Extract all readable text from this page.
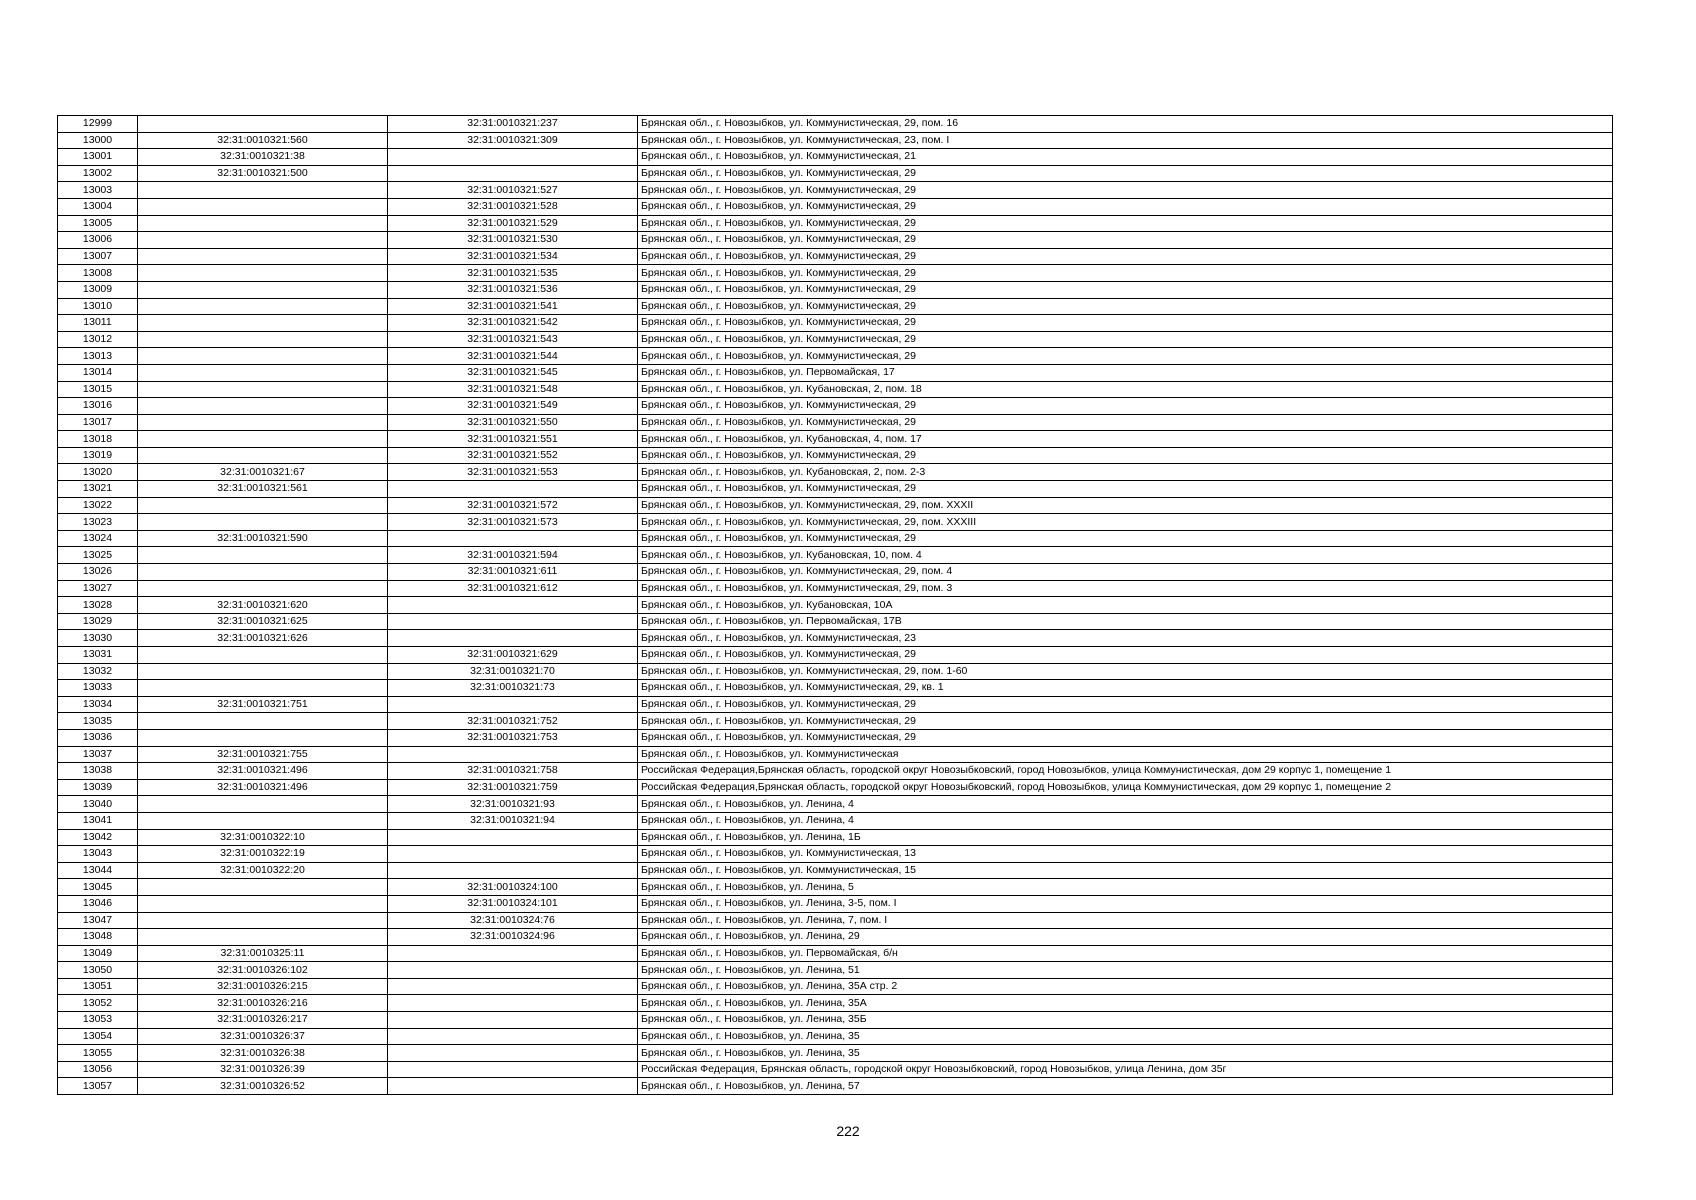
12999		32:31:0010321:237	Брянская обл., г. Новозыбков, ул. Коммунистическая, 29, пом. 16
13000	32:31:0010321:560	32:31:0010321:309	Брянская обл., г. Новозыбков, ул. Коммунистическая, 23, пом. I
13001	32:31:0010321:38		Брянская обл., г. Новозыбков, ул. Коммунистическая, 21
13002	32:31:0010321:500		Брянская обл., г. Новозыбков, ул. Коммунистическая, 29
13003		32:31:0010321:527	Брянская обл., г. Новозыбков, ул. Коммунистическая, 29
13004		32:31:0010321:528	Брянская обл., г. Новозыбков, ул. Коммунистическая, 29
13005		32:31:0010321:529	Брянская обл., г. Новозыбков, ул. Коммунистическая, 29
13006		32:31:0010321:530	Брянская обл., г. Новозыбков, ул. Коммунистическая, 29
13007		32:31:0010321:534	Брянская обл., г. Новозыбков, ул. Коммунистическая, 29
13008		32:31:0010321:535	Брянская обл., г. Новозыбков, ул. Коммунистическая, 29
13009		32:31:0010321:536	Брянская обл., г. Новозыбков, ул. Коммунистическая, 29
13010		32:31:0010321:541	Брянская обл., г. Новозыбков, ул. Коммунистическая, 29
13011		32:31:0010321:542	Брянская обл., г. Новозыбков, ул. Коммунистическая, 29
13012		32:31:0010321:543	Брянская обл., г. Новозыбков, ул. Коммунистическая, 29
13013		32:31:0010321:544	Брянская обл., г. Новозыбков, ул. Коммунистическая, 29
13014		32:31:0010321:545	Брянская обл., г. Новозыбков, ул. Первомайская, 17
13015		32:31:0010321:548	Брянская обл., г. Новозыбков, ул. Кубановская, 2, пом. 18
13016		32:31:0010321:549	Брянская обл., г. Новозыбков, ул. Коммунистическая, 29
13017		32:31:0010321:550	Брянская обл., г. Новозыбков, ул. Коммунистическая, 29
13018		32:31:0010321:551	Брянская обл., г. Новозыбков, ул. Кубановская, 4, пом. 17
13019		32:31:0010321:552	Брянская обл., г. Новозыбков, ул. Коммунистическая, 29
13020	32:31:0010321:67	32:31:0010321:553	Брянская обл., г. Новозыбков, ул. Кубановская, 2, пом. 2-3
13021	32:31:0010321:561		Брянская обл., г. Новозыбков, ул. Коммунистическая, 29
13022		32:31:0010321:572	Брянская обл., г. Новозыбков, ул. Коммунистическая, 29, пом. XXXII
13023		32:31:0010321:573	Брянская обл., г. Новозыбков, ул. Коммунистическая, 29, пом. XXXIII
13024	32:31:0010321:590		Брянская обл., г. Новозыбков, ул. Коммунистическая, 29
13025		32:31:0010321:594	Брянская обл., г. Новозыбков, ул. Кубановская, 10, пом. 4
13026		32:31:0010321:611	Брянская обл., г. Новозыбков, ул. Коммунистическая, 29, пом. 4
13027		32:31:0010321:612	Брянская обл., г. Новозыбков, ул. Коммунистическая, 29, пом. 3
13028	32:31:0010321:620		Брянская обл., г. Новозыбков, ул. Кубановская, 10А
13029	32:31:0010321:625		Брянская обл., г. Новозыбков, ул. Первомайская, 17В
13030	32:31:0010321:626		Брянская обл., г. Новозыбков, ул. Коммунистическая, 23
13031		32:31:0010321:629	Брянская обл., г. Новозыбков, ул. Коммунистическая, 29
13032		32:31:0010321:70	Брянская обл., г. Новозыбков, ул. Коммунистическая, 29, пом. 1-60
13033		32:31:0010321:73	Брянская обл., г. Новозыбков, ул. Коммунистическая, 29, кв. 1
13034	32:31:0010321:751		Брянская обл., г. Новозыбков, ул. Коммунистическая, 29
13035		32:31:0010321:752	Брянская обл., г. Новозыбков, ул. Коммунистическая, 29
13036		32:31:0010321:753	Брянская обл., г. Новозыбков, ул. Коммунистическая, 29
13037	32:31:0010321:755		Брянская обл., г. Новозыбков, ул. Коммунистическая
13038	32:31:0010321:496	32:31:0010321:758	Российская Федерация,Брянская область, городской округ Новозыбковский, город Новозыбков, улица Коммунистическая, дом 29 корпус 1, помещение 1
13039	32:31:0010321:496	32:31:0010321:759	Российская Федерация,Брянская область, городской округ Новозыбковский, город Новозыбков, улица Коммунистическая, дом 29 корпус 1, помещение 2
13040		32:31:0010321:93	Брянская обл., г. Новозыбков, ул. Ленина, 4
13041		32:31:0010321:94	Брянская обл., г. Новозыбков, ул. Ленина, 4
13042	32:31:0010322:10		Брянская обл., г. Новозыбков, ул. Ленина, 1Б
13043	32:31:0010322:19		Брянская обл., г. Новозыбков, ул. Коммунистическая, 13
13044	32:31:0010322:20		Брянская обл., г. Новозыбков, ул. Коммунистическая, 15
13045		32:31:0010324:100	Брянская обл., г. Новозыбков, ул. Ленина, 5
13046		32:31:0010324:101	Брянская обл., г. Новозыбков, ул. Ленина, 3-5, пом. I
13047		32:31:0010324:76	Брянская обл., г. Новозыбков, ул. Ленина, 7, пом. I
13048		32:31:0010324:96	Брянская обл., г. Новозыбков, ул. Ленина, 29
13049	32:31:0010325:11		Брянская обл., г. Новозыбков, ул. Первомайская, б/н
13050	32:31:0010326:102		Брянская обл., г. Новозыбков, ул. Ленина, 51
13051	32:31:0010326:215		Брянская обл., г. Новозыбков, ул. Ленина, 35А стр. 2
13052	32:31:0010326:216		Брянская обл., г. Новозыбков, ул. Ленина, 35А
13053	32:31:0010326:217		Брянская обл., г. Новозыбков, ул. Ленина, 35Б
13054	32:31:0010326:37		Брянская обл., г. Новозыбков, ул. Ленина, 35
13055	32:31:0010326:38		Брянская обл., г. Новозыбков, ул. Ленина, 35
13056	32:31:0010326:39		Российская Федерация, Брянская область, городской округ Новозыбковский, город Новозыбков, улица Ленина, дом 35г
13057	32:31:0010326:52		Брянская обл., г. Новозыбков, ул. Ленина, 57
222
